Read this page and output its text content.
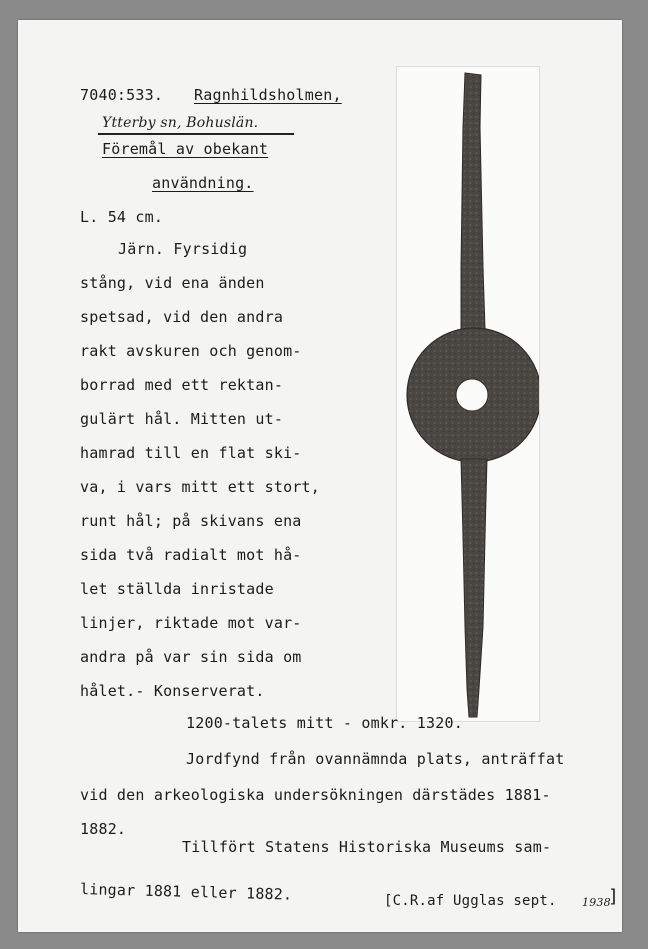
7040:533. Ragnhildsholmen,
Ytterby sn, Bohuslän.
Föremål av obekant
användning.
L. 54 cm.
Järn. Fyrsidig
stång, vid ena änden
spetsad, vid den andra
rakt avskuren och genom-
borrad med ett rektan-
gulärt hål. Mitten ut-
hamrad till en flat ski-
va, i vars mitt ett stort,
runt hål; på skivans ena
sida två radialt mot hå-
let ställda inristade
linjer, riktade mot var-
andra på var sin sida om
hålet.- Konserverat.
1200-talets mitt - omkr. 1320.
Jordfynd från ovannämnda plats, anträffat
vid den arkeologiska undersökningen därstädes 1881-
1882.
Tillfört Statens Historiska Museums sam-
lingar 1881 eller 1882.	[C.R.af Ugglas sept. 1938
]
